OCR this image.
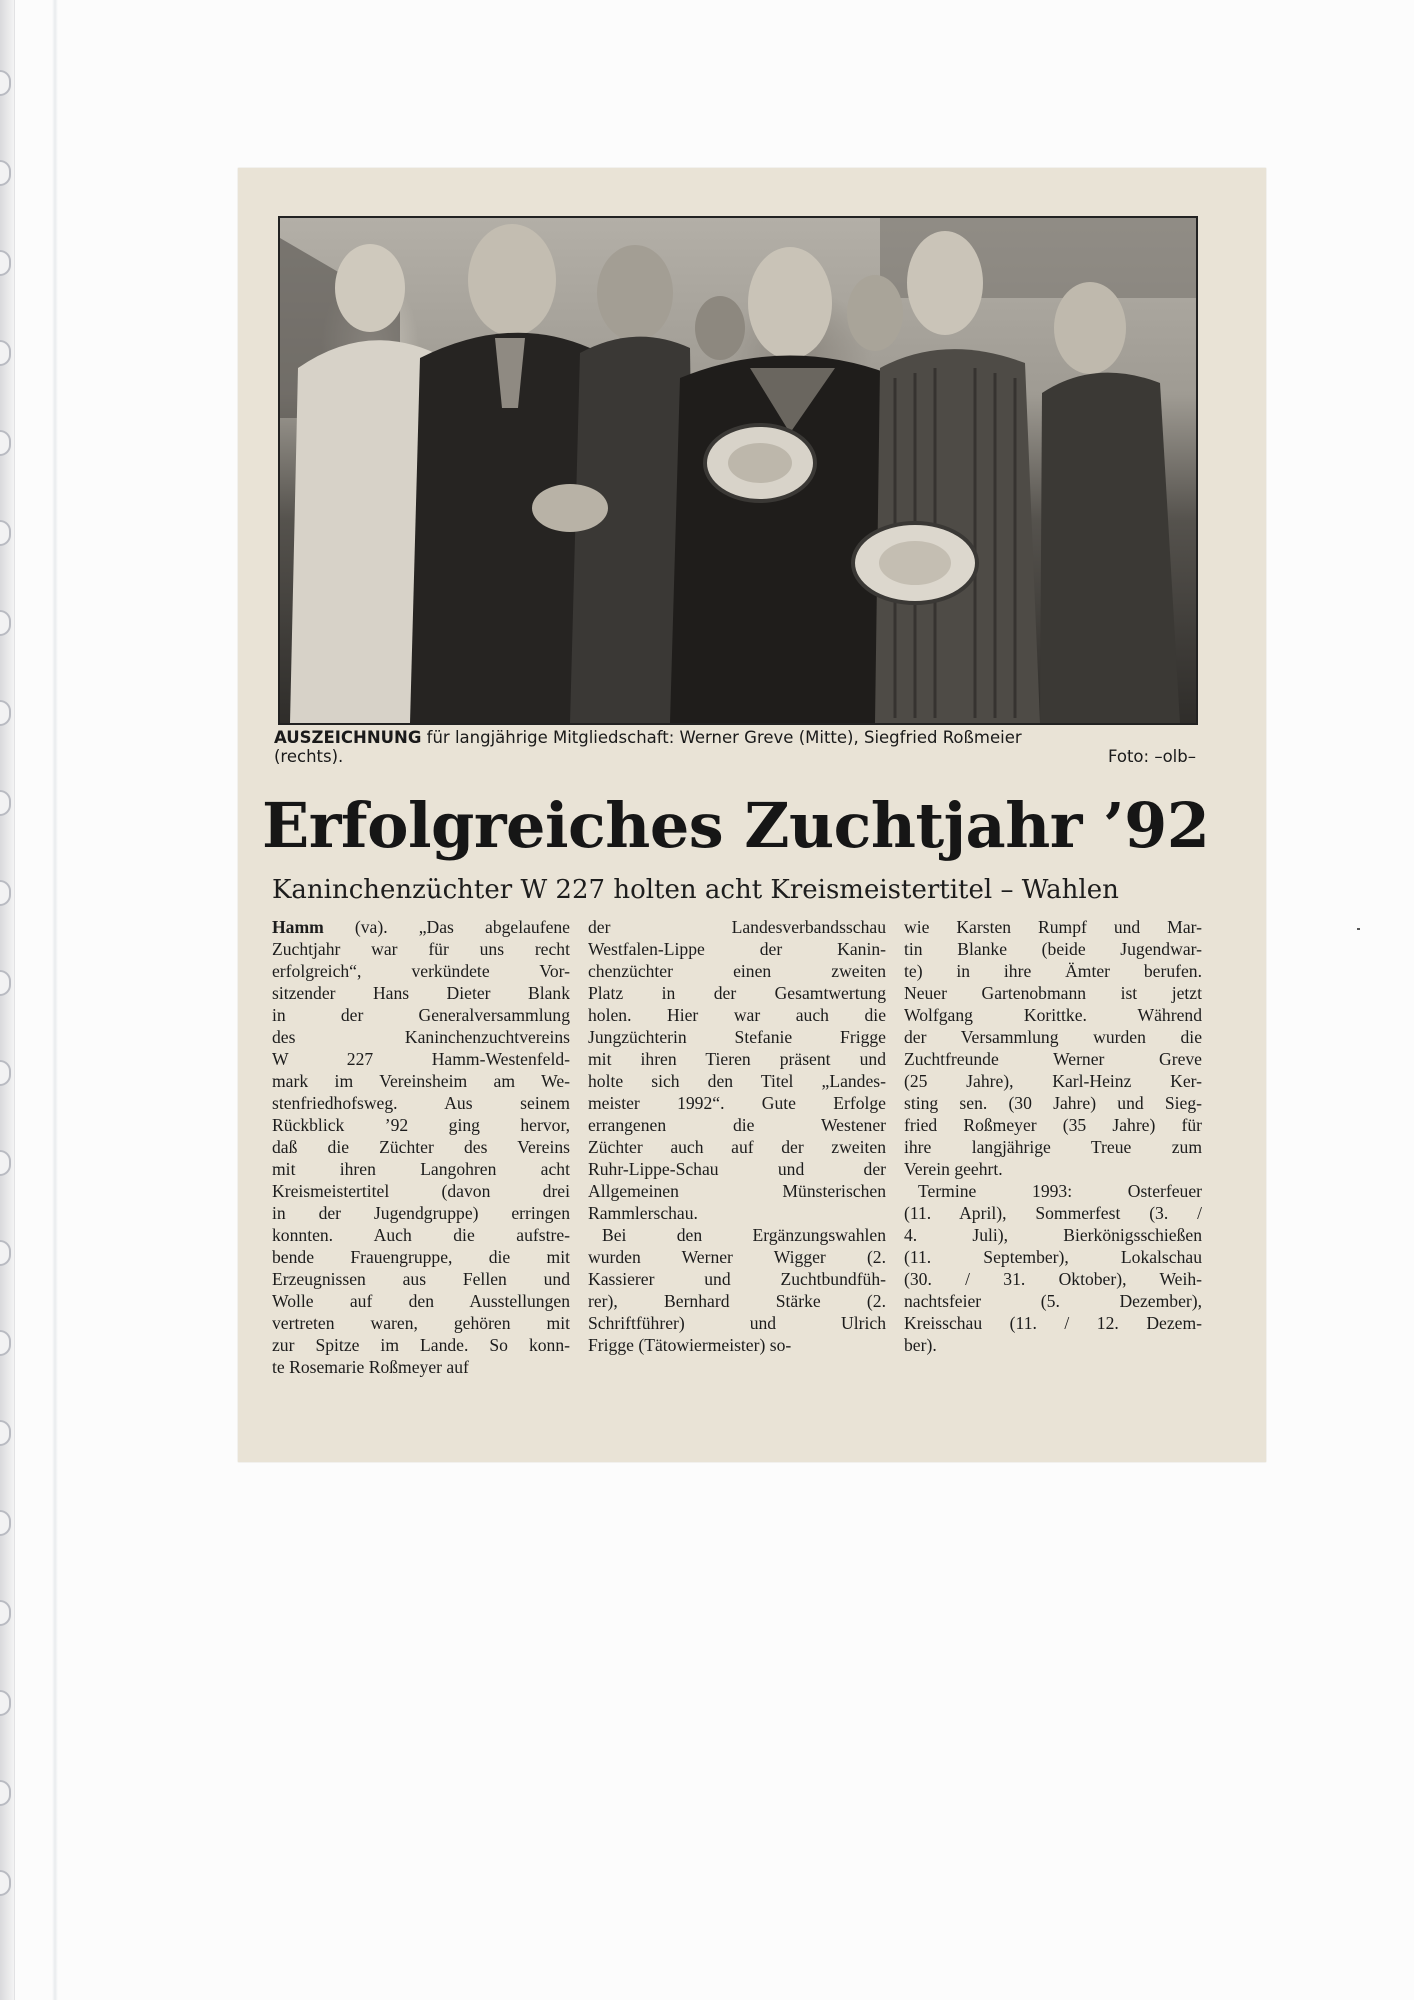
AUSZEICHNUNG für langjährige Mitgliedschaft: Werner Greve (Mitte), Siegfried Roßmeier
(rechts).	Foto: –olb–
Erfolgreiches Zuchtjahr ’92
Kaninchenzüchter W 227 holten acht Kreismeistertitel – Wahlen
Hamm (va). „Das abgelaufene
Zuchtjahr war für uns recht
erfolgreich“, verkündete Vor-
sitzender Hans Dieter Blank
in der Generalversammlung
des Kaninchenzuchtvereins
W 227 Hamm-Westenfeld-
mark im Vereinsheim am We-
stenfriedhofsweg. Aus seinem
Rückblick ’92 ging hervor,
daß die Züchter des Vereins
mit ihren Langohren acht
Kreismeistertitel (davon drei
in der Jugendgruppe) erringen
konnten. Auch die aufstre-
bende Frauengruppe, die mit
Erzeugnissen aus Fellen und
Wolle auf den Ausstellungen
vertreten waren, gehören mit
zur Spitze im Lande. So konn-
te Rosemarie Roßmeyer auf
der Landesverbandsschau
Westfalen-Lippe der Kanin-
chenzüchter einen zweiten
Platz in der Gesamtwertung
holen. Hier war auch die
Jungzüchterin Stefanie Frigge
mit ihren Tieren präsent und
holte sich den Titel „Landes-
meister 1992“. Gute Erfolge
errangenen die Westener
Züchter auch auf der zweiten
Ruhr-Lippe-Schau und der
Allgemeinen Münsterischen
Rammlerschau.
Bei den Ergänzungswahlen
wurden Werner Wigger (2.
Kassierer und Zuchtbundfüh-
rer), Bernhard Stärke (2.
Schriftführer) und Ulrich
Frigge (Tätowiermeister) so-
wie Karsten Rumpf und Mar-
tin Blanke (beide Jugendwar-
te) in ihre Ämter berufen.
Neuer Gartenobmann ist jetzt
Wolfgang Korittke. Während
der Versammlung wurden die
Zuchtfreunde Werner Greve
(25 Jahre), Karl-Heinz Ker-
sting sen. (30 Jahre) und Sieg-
fried Roßmeyer (35 Jahre) für
ihre langjährige Treue zum
Verein geehrt.
Termine 1993: Osterfeuer
(11. April), Sommerfest (3. /
4. Juli), Bierkönigsschießen
(11. September), Lokalschau
(30. / 31. Oktober), Weih-
nachtsfeier (5. Dezember),
Kreisschau (11. / 12. Dezem-
ber).
